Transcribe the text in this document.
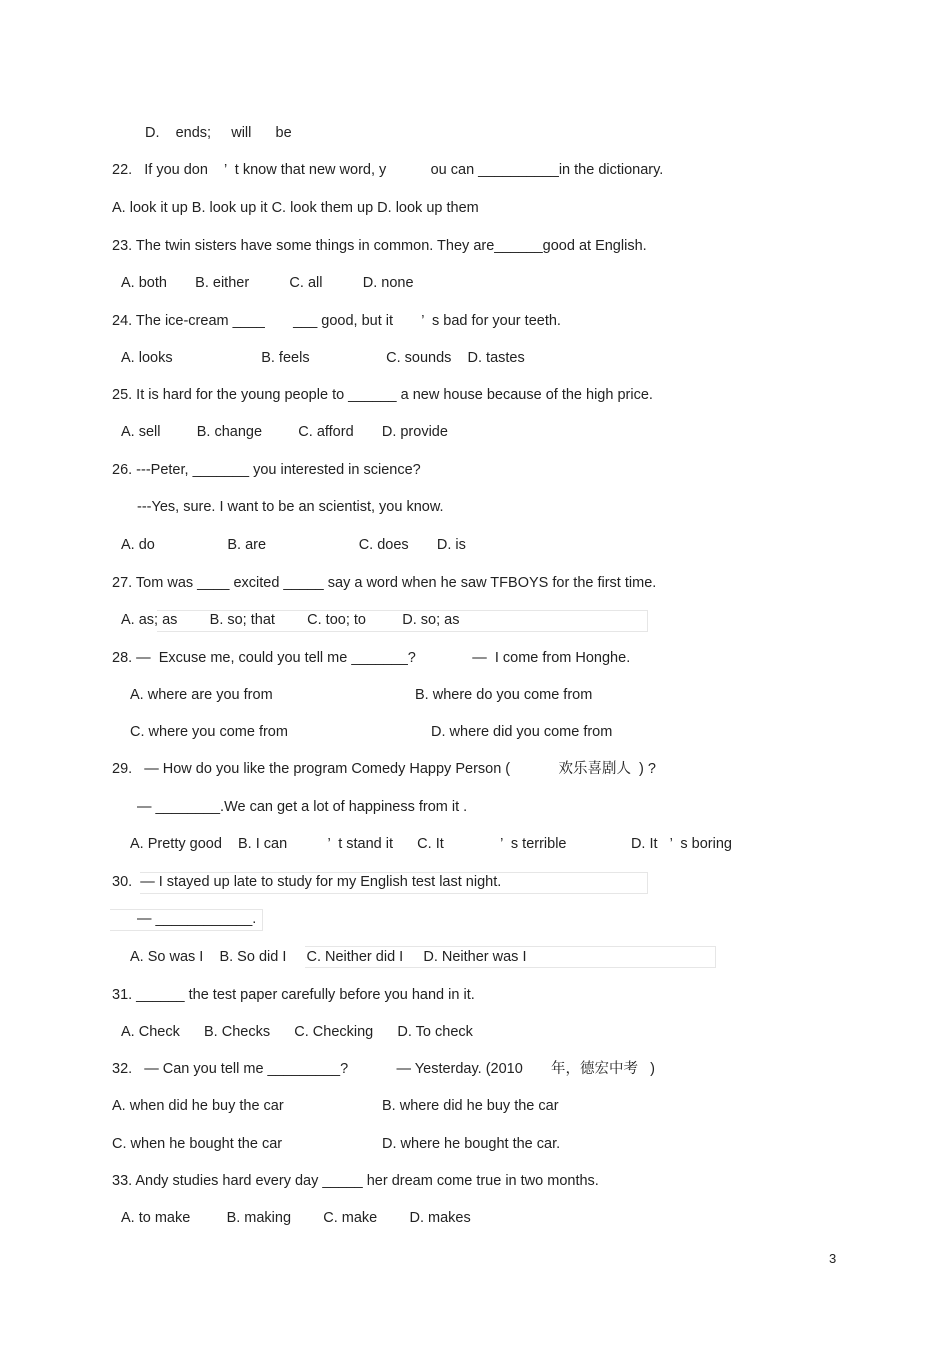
D.    ends;     will      be
22.   If you don    ’  t know that new word, y           ou can __________in the dictionary.
A. look it up B. look up it C. look them up D. look up them
23. The twin sisters have some things in common. They are______good at English.
A. both       B. either          C. all          D. none
24. The ice-cream ____       ___ good, but it       ’  s bad for your teeth.
A. looks                      B. feels                   C. sounds    D. tastes
25. It is hard for the young people to ______ a new house because of the high price.
A. sell         B. change         C. afford       D. provide
26. ---Peter, _______ you interested in science?
---Yes, sure. I want to be an scientist, you know.
A. do                  B. are                       C. does       D. is
27. Tom was ____ excited _____ say a word when he saw TFBOYS for the first time.
A. as; as        B. so; that        C. too; to         D. so; as
28. —  Excuse me, could you tell me _______?              —  I come from Honghe.
A. where are you from	B. where do you come from
C. where you come from	D. where did you come from
29.   — How do you like the program Comedy Happy Person (            欢乐喜剧人  ) ?
— ________.We can get a lot of happiness from it .
A. Pretty good    B. I can          ’  t stand it      C. It              ’  s terrible                D. It   ’  s boring
30.  — I stayed up late to study for my English test last night.
— ____________.
A. So was I    B. So did I     C. Neither did I     D. Neither was I
31. ______ the test paper carefully before you hand in it.
A. Check      B. Checks      C. Checking      D. To check
32.   — Can you tell me _________?            — Yesterday. (2010       年，德宏中考   )
A. when did he buy the car	B. where did he buy the car
C. when he bought the car	D. where he bought the car.
33. Andy studies hard every day _____ her dream come true in two months.
A. to make         B. making        C. make        D. makes
3
